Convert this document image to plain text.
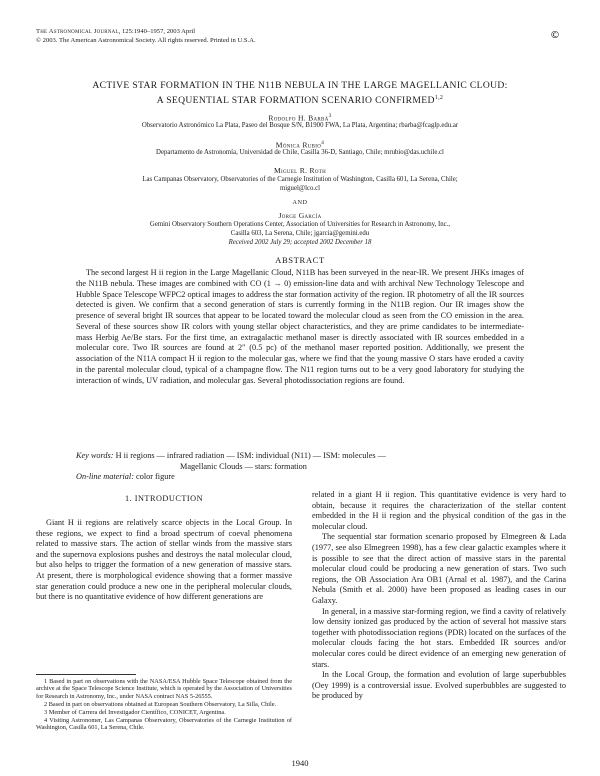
The Astronomical Journal, 125:1940–1957, 2003 April
© 2003. The American Astronomical Society. All rights reserved. Printed in U.S.A.	©
ACTIVE STAR FORMATION IN THE N11B NEBULA IN THE LARGE MAGELLANIC CLOUD:
A SEQUENTIAL STAR FORMATION SCENARIO CONFIRMED$^{1,2}$
Rodolfo H. Barbá$^3$
Observatorio Astronómico La Plata, Paseo del Bosque S/N, B1900 FWA, La Plata, Argentina; rbarba@fcaglp.edu.ar
Mónica Rubio$^4$
Departamento de Astronomía, Universidad de Chile, Casilla 36-D, Santiago, Chile; mrubio@das.uchile.cl
Miguel R. Roth
Las Campanas Observatory, Observatories of the Carnegie Institution of Washington, Casilla 601, La Serena, Chile;
miguel@lco.cl
AND
Jorge García
Gemini Observatory Southern Operations Center, Association of Universities for Research in Astronomy, Inc.,
Casilla 603, La Serena, Chile; jgarcia@gemini.edu
Received 2002 July 29; accepted 2002 December 18
ABSTRACT
The second largest H ii region in the Large Magellanic Cloud, N11B has been surveyed in the near-IR. We present JHKs images of the N11B nebula. These images are combined with CO (1 → 0) emission-line data and with archival New Technology Telescope and Hubble Space Telescope WFPC2 optical images to address the star formation activity of the region. IR photometry of all the IR sources detected is given. We confirm that a second generation of stars is currently forming in the N11B region. Our IR images show the presence of several bright IR sources that appear to be located toward the molecular cloud as seen from the CO emission in the area. Several of these sources show IR colors with young stellar object characteristics, and they are prime candidates to be intermediate-mass Herbig Ae/Be stars. For the first time, an extragalactic methanol maser is directly associated with IR sources embedded in a molecular core. Two IR sources are found at 2″ (0.5 pc) of the methanol maser reported position. Additionally, we present the association of the N11A compact H ii region to the molecular gas, where we find that the young massive O stars have eroded a cavity in the parental molecular cloud, typical of a champagne flow. The N11 region turns out to be a very good laboratory for studying the interaction of winds, UV radiation, and molecular gas. Several photodissociation regions are found.
Key words: H ii regions — infrared radiation — ISM: individual (N11) — ISM: molecules —
Magellanic Clouds — stars: formation
On-line material: color figure
1. INTRODUCTION

Giant H ii regions are relatively scarce objects in the Local Group. In these regions, we expect to find a broad spectrum of coeval phenomena related to massive stars. The action of stellar winds from the massive stars and the supernova explosions pushes and destroys the natal molecular cloud, but also helps to trigger the formation of a new generation of massive stars. At present, there is morphological evidence showing that a former massive star generation could produce a new one in the peripheral molecular clouds, but there is no quantitative evidence of how different generations are

1 Based in part on observations with the NASA/ESA Hubble Space Telescope obtained from the archive at the Space Telescope Science Institute, which is operated by the Association of Universities for Research in Astronomy, Inc., under NASA contract NAS 5-26555.

2 Based in part on observations obtained at European Southern Observatory, La Silla, Chile.

3 Member of Carrera del Investigador Científico, CONICET, Argentina.

4 Visiting Astronomer, Las Campanas Observatory, Observatories of the Carnegie Institution of Washington, Casilla 601, La Serena, Chile.

related in a giant H ii region. This quantitative evidence is very hard to obtain, because it requires the characterization of the stellar content embedded in the H ii region and the physical condition of the gas in the molecular cloud.

The sequential star formation scenario proposed by Elmegreen & Lada (1977, see also Elmegreen 1998), has a few clear galactic examples where it is possible to see that the direct action of massive stars in the parental molecular cloud could be producing a new generation of stars. Two such regions, the OB Association Ara OB1 (Arnal et al. 1987), and the Carina Nebula (Smith et al. 2000) have been proposed as leading cases in our Galaxy.

In general, in a massive star-forming region, we find a cavity of relatively low density ionized gas produced by the action of several hot massive stars together with photodissociation regions (PDR) located on the surfaces of the molecular clouds facing the hot stars. Embedded IR sources and/or molecular cores could be direct evidence of an emerging new generation of stars.

In the Local Group, the formation and evolution of large superbubbles (Oey 1999) is a controversial issue. Evolved superbubbles are suggested to be produced by

1940
